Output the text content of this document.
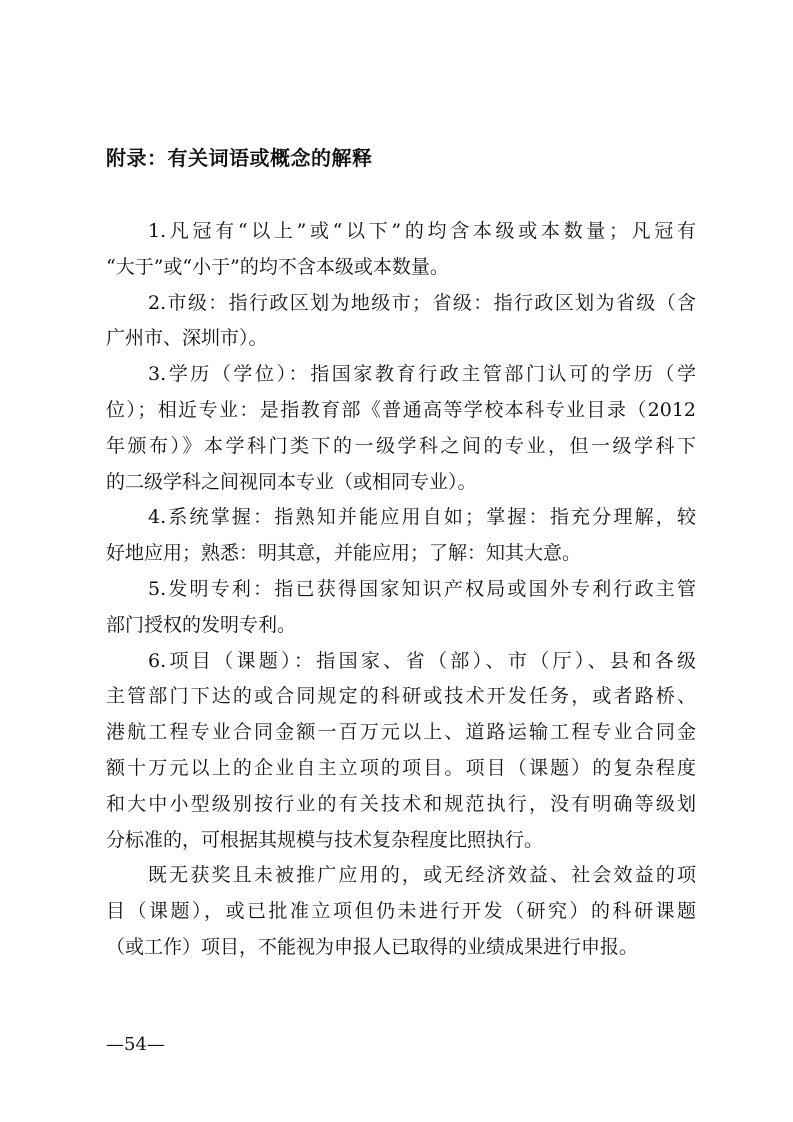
附录：有关词语或概念的解释
1.凡冠有“以上”或“以下”的均含本级或本数量；凡冠有
“大于”或“小于”的均不含本级或本数量。
2.市级：指行政区划为地级市；省级：指行政区划为省级（含
广州市、深圳市）。
3.学历（学位）：指国家教育行政主管部门认可的学历（学
位）；相近专业：是指教育部《普通高等学校本科专业目录（2012
年颁布）》本学科门类下的一级学科之间的专业，但一级学科下
的二级学科之间视同本专业（或相同专业）。
4.系统掌握：指熟知并能应用自如；掌握：指充分理解，较
好地应用；熟悉：明其意，并能应用；了解：知其大意。
5.发明专利：指已获得国家知识产权局或国外专利行政主管
部门授权的发明专利。
6.项目（课题）：指国家、省（部）、市（厅）、县和各级
主管部门下达的或合同规定的科研或技术开发任务，或者路桥、
港航工程专业合同金额一百万元以上、道路运输工程专业合同金
额十万元以上的企业自主立项的项目。项目（课题）的复杂程度
和大中小型级别按行业的有关技术和规范执行，没有明确等级划
分标准的，可根据其规模与技术复杂程度比照执行。
既无获奖且未被推广应用的，或无经济效益、社会效益的项
目（课题），或已批准立项但仍未进行开发（研究）的科研课题
（或工作）项目，不能视为申报人已取得的业绩成果进行申报。
—54—
